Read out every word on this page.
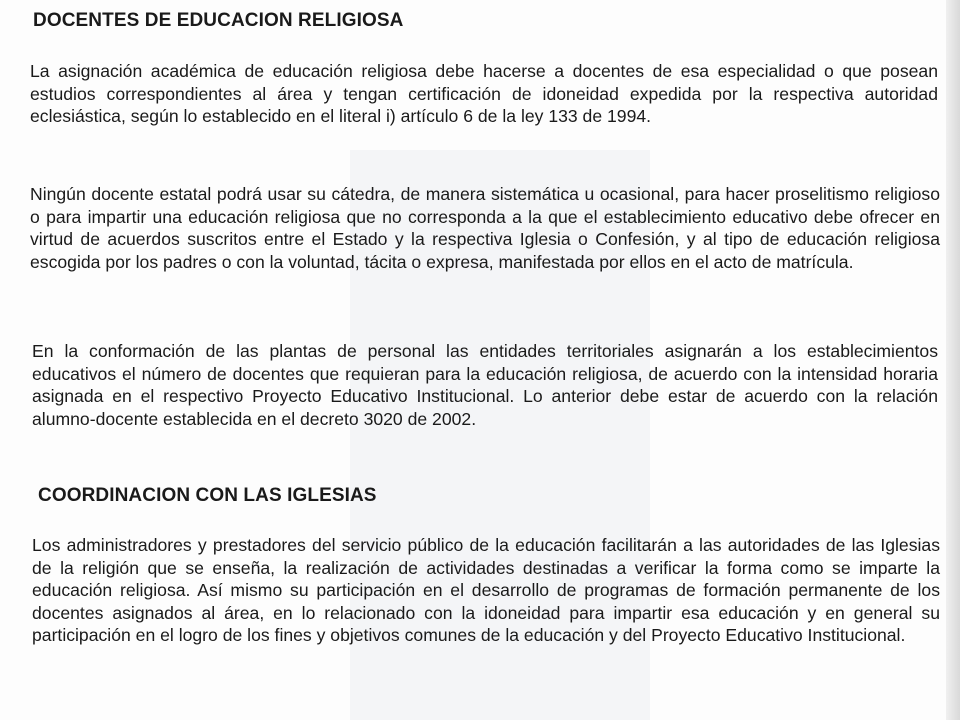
DOCENTES DE EDUCACION RELIGIOSA

La asignación académica de educación religiosa debe hacerse a docentes de esa especialidad o que posean estudios correspondientes al área y tengan certificación de idoneidad expedida por la respectiva autoridad eclesiástica, según lo establecido en el literal i) artículo 6 de la ley 133 de 1994.

Ningún docente estatal podrá usar su cátedra, de manera sistemática u ocasional, para hacer proselitismo religioso o para impartir una educación religiosa que no corresponda a la que el establecimiento educativo debe ofrecer en virtud de acuerdos suscritos entre el Estado y la respectiva Iglesia o Confesión, y al tipo de educación religiosa escogida por los padres o con la voluntad, tácita o expresa, manifestada por ellos en el acto de matrícula.

En la conformación de las plantas de personal las entidades territoriales asignarán a los establecimientos educativos el número de docentes que requieran para la educación religiosa, de acuerdo con la intensidad horaria asignada en el respectivo Proyecto Educativo Institucional. Lo anterior debe estar de acuerdo con la relación alumno-docente establecida en el decreto 3020 de 2002.

COORDINACION CON LAS IGLESIAS

Los administradores y prestadores del servicio público de la educación facilitarán a las autoridades de las Iglesias de la religión que se enseña, la realización de actividades destinadas a verificar la forma como se imparte la educación religiosa. Así mismo su participación en el desarrollo de programas de formación permanente de los docentes asignados al área, en lo relacionado con la idoneidad para impartir esa educación y en general su participación en el logro de los fines y objetivos comunes de la educación y del Proyecto Educativo Institucional.
